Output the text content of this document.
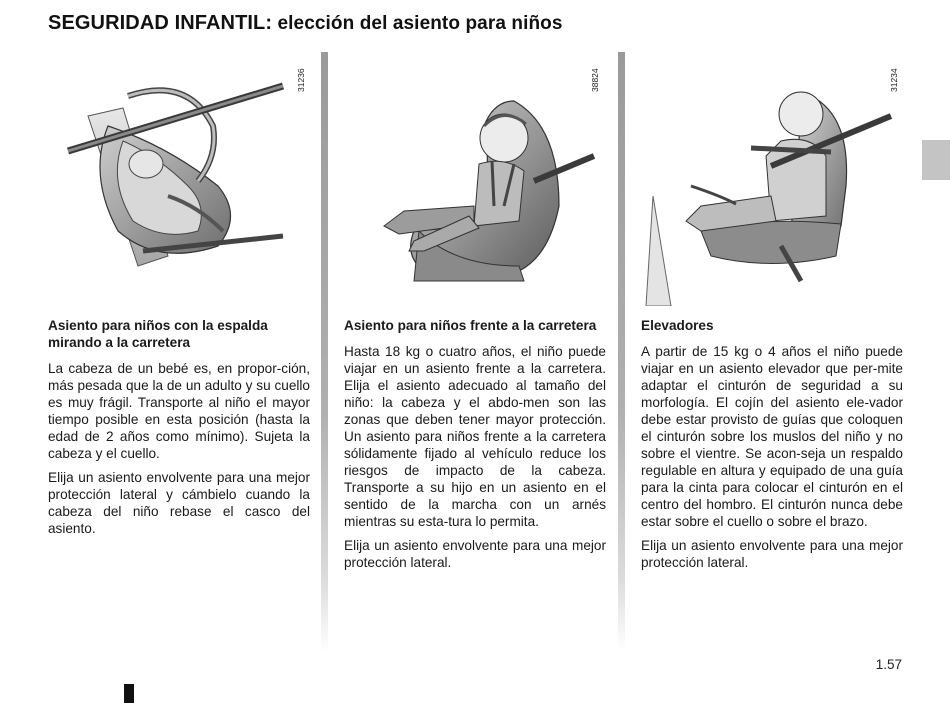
SEGURIDAD INFANTIL: elección del asiento para niños
31236	38824	31234
Asiento para niños con la espalda mirando a la carretera

La cabeza de un bebé es, en propor-ción, más pesada que la de un adulto y su cuello es muy frágil. Transporte al niño el mayor tiempo posible en esta posición (hasta la edad de 2 años como mínimo). Sujeta la cabeza y el cuello.

Elija un asiento envolvente para una mejor protección lateral y cámbielo cuando la cabeza del niño rebase el casco del asiento.

Asiento para niños frente a la carretera

Hasta 18 kg o cuatro años, el niño puede viajar en un asiento frente a la carretera. Elija el asiento adecuado al tamaño del niño: la cabeza y el abdo-men son las zonas que deben tener mayor protección. Un asiento para niños frente a la carretera sólidamente fijado al vehículo reduce los riesgos de impacto de la cabeza. Transporte a su hijo en un asiento en el sentido de la marcha con un arnés mientras su esta-tura lo permita.

Elija un asiento envolvente para una mejor protección lateral.

Elevadores

A partir de 15 kg o 4 años el niño puede viajar en un asiento elevador que per-mite adaptar el cinturón de seguridad a su morfología. El cojín del asiento ele-vador debe estar provisto de guías que coloquen el cinturón sobre los muslos del niño y no sobre el vientre. Se acon-seja un respaldo regulable en altura y equipado de una guía para la cinta para colocar el cinturón en el centro del hombro. El cinturón nunca debe estar sobre el cuello o sobre el brazo.

Elija un asiento envolvente para una mejor protección lateral.

1.57
